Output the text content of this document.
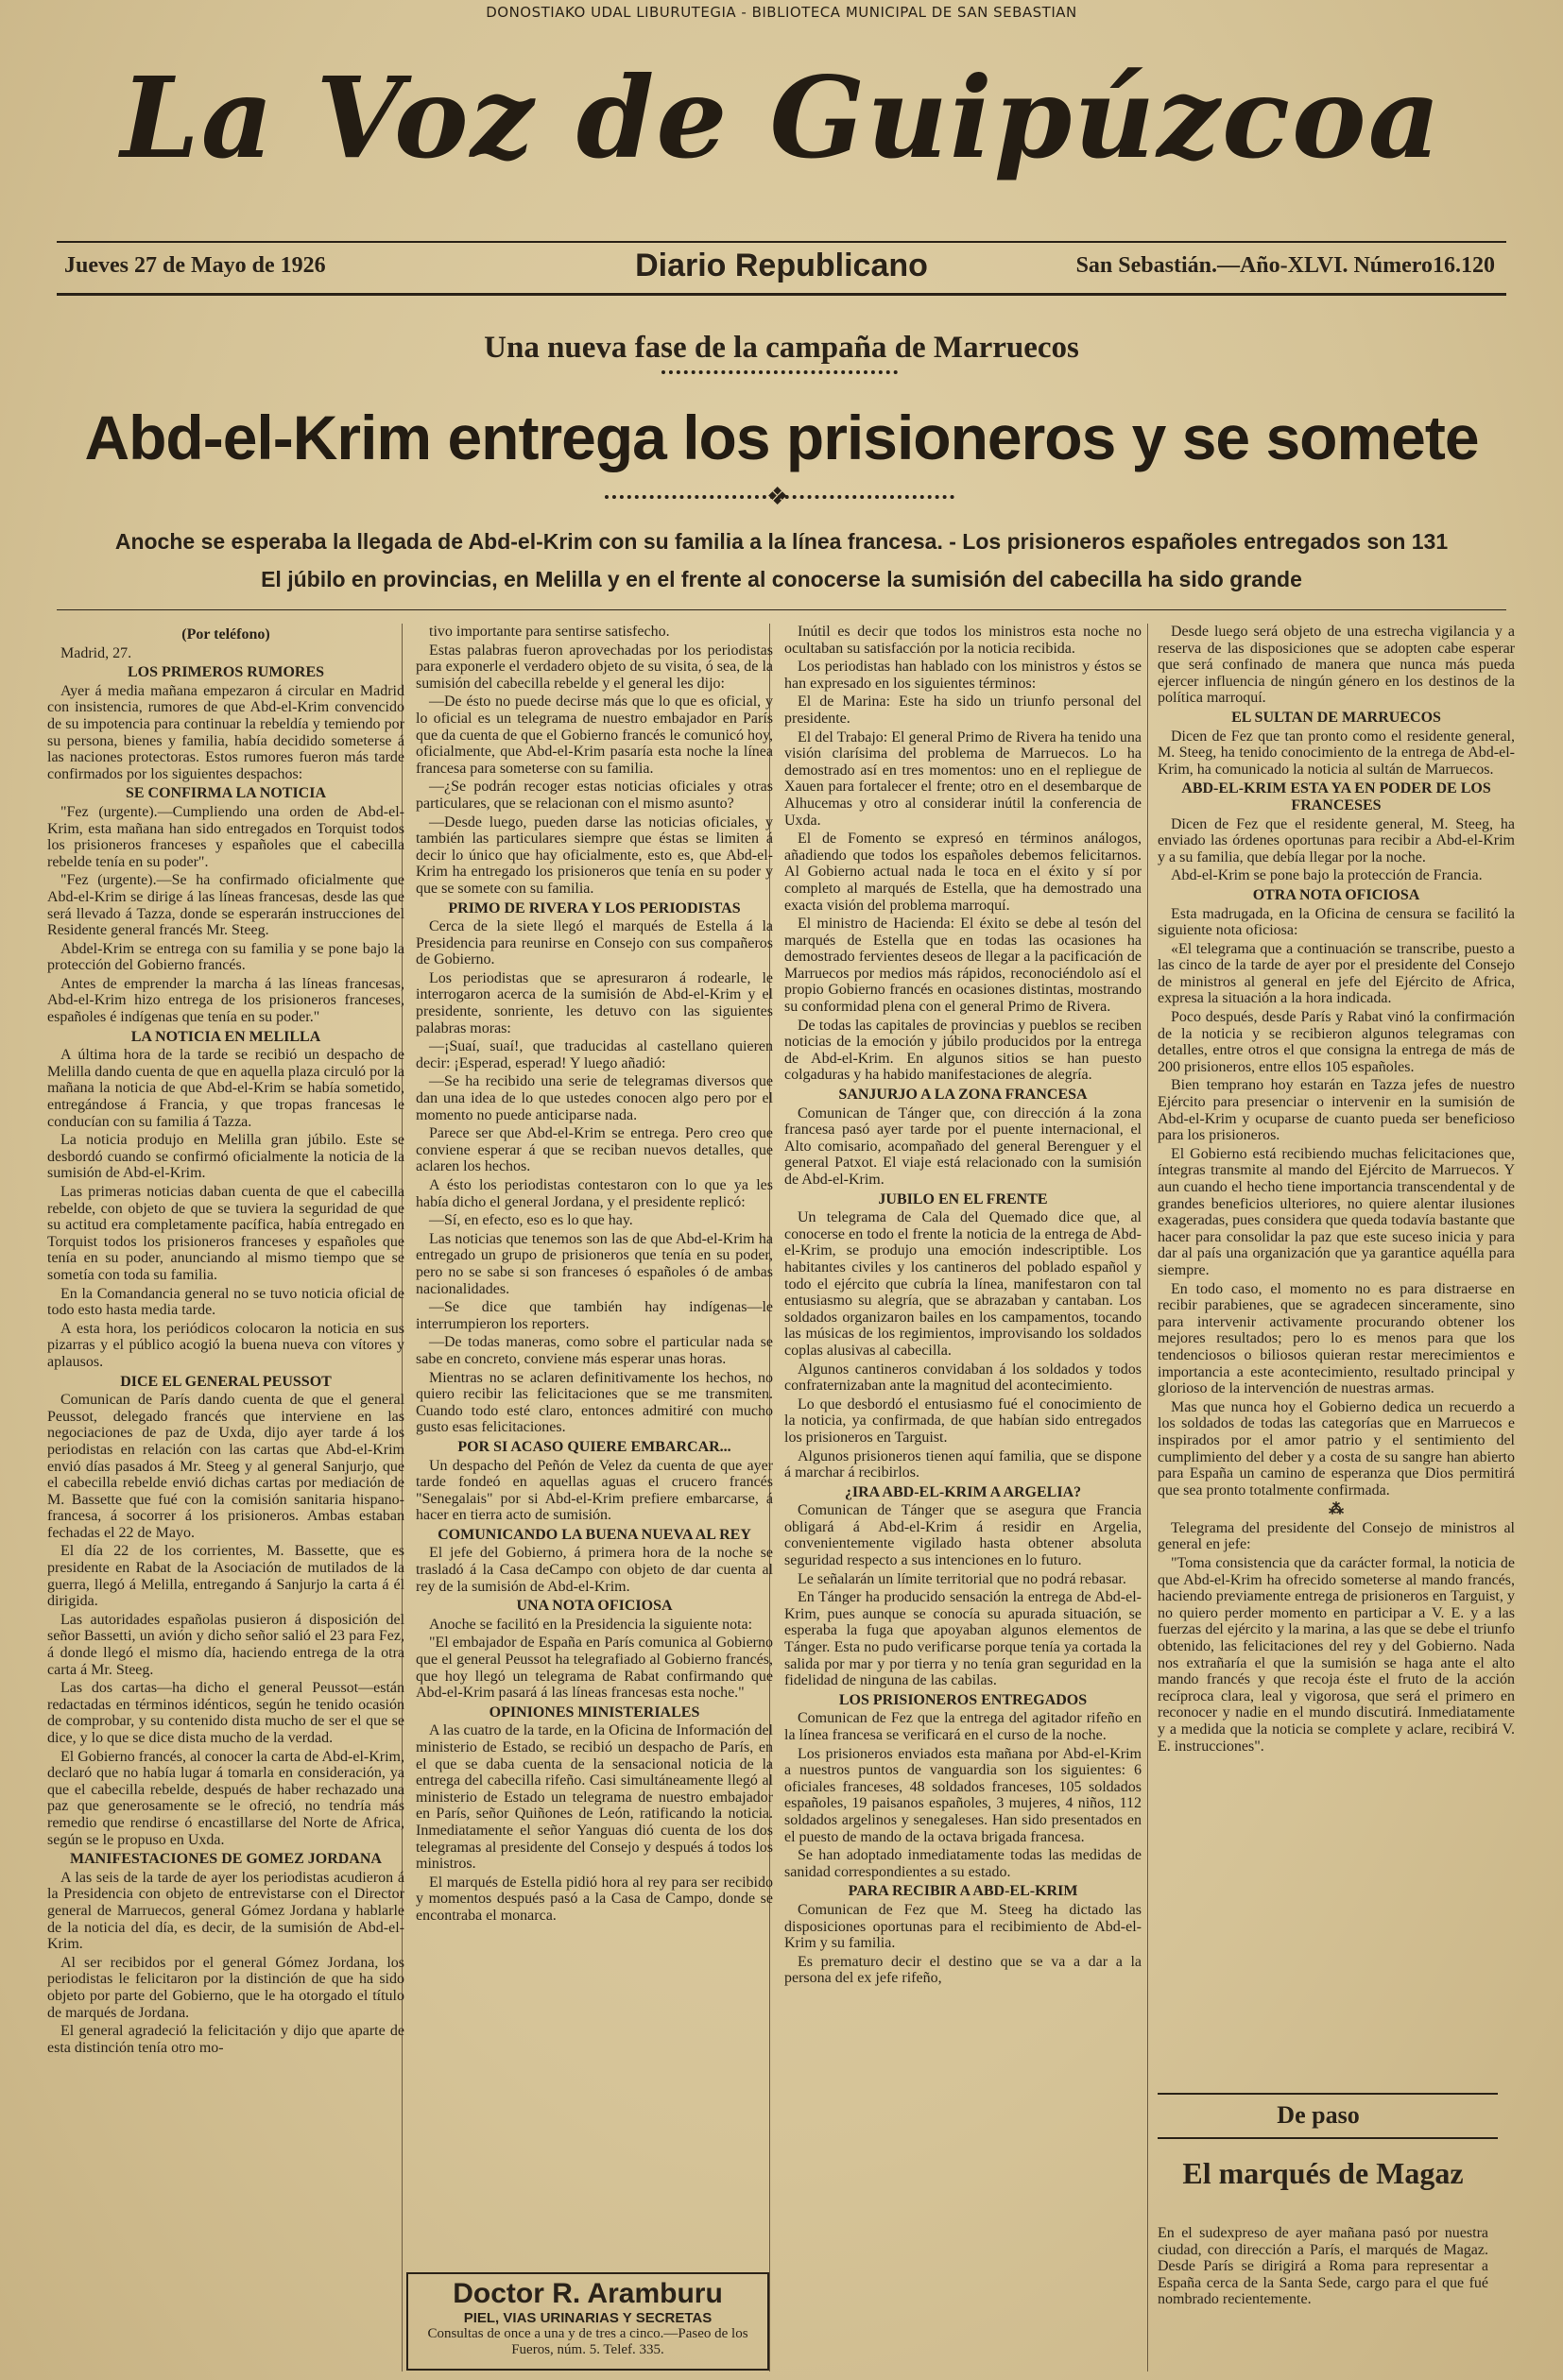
DONOSTIAKO UDAL LIBURUTEGIA - BIBLIOTECA MUNICIPAL DE SAN SEBASTIAN
La Voz de Guipúzcoa
Jueves 27 de Mayo de 1926	Diario Republicano	San Sebastián.—Año-XLVI. Número16.120
Una nueva fase de la campaña de Marruecos
Abd-el-Krim entrega los prisioneros y se somete
❖
Anoche se esperaba la llegada de Abd-el-Krim con su familia a la línea francesa. - Los prisioneros españoles entregados son 131
El júbilo en provincias, en Melilla y en el frente al conocerse la sumisión del cabecilla ha sido grande
(Por teléfono)

Madrid, 27.

LOS PRIMEROS RUMORES

Ayer á media mañana empezaron á circular en Madrid con insistencia, rumores de que Abd-el-Krim convencido de su impotencia para continuar la rebeldía y temiendo por su persona, bienes y familia, había decidido someterse á las naciones protectoras. Estos rumores fueron más tarde confirmados por los siguientes despachos:

SE CONFIRMA LA NOTICIA

"Fez (urgente).—Cumpliendo una orden de Abd-el-Krim, esta mañana han sido entregados en Torquist todos los prisioneros franceses y españoles que el cabecilla rebelde tenía en su poder".

"Fez (urgente).—Se ha confirmado oficialmente que Abd-el-Krim se dirige á las líneas francesas, desde las que será llevado á Tazza, donde se esperarán instrucciones del Residente general francés Mr. Steeg.

Abdel-Krim se entrega con su familia y se pone bajo la protección del Gobierno francés.

Antes de emprender la marcha á las líneas francesas, Abd-el-Krim hizo entrega de los prisioneros franceses, españoles é indígenas que tenía en su poder."

LA NOTICIA EN MELILLA

A última hora de la tarde se recibió un despacho de Melilla dando cuenta de que en aquella plaza circuló por la mañana la noticia de que Abd-el-Krim se había sometido, entregándose á Francia, y que tropas francesas le conducían con su familia á Tazza.

La noticia produjo en Melilla gran júbilo. Este se desbordó cuando se confirmó oficialmente la noticia de la sumisión de Abd-el-Krim.

Las primeras noticias daban cuenta de que el cabecilla rebelde, con objeto de que se tuviera la seguridad de que su actitud era completamente pacífica, había entregado en Torquist todos los prisioneros franceses y españoles que tenía en su poder, anunciando al mismo tiempo que se sometía con toda su familia.

En la Comandancia general no se tuvo noticia oficial de todo esto hasta media tarde.

A esta hora, los periódicos colocaron la noticia en sus pizarras y el público acogió la buena nueva con vítores y aplausos.

DICE EL GENERAL PEUSSOT

Comunican de París dando cuenta de que el general Peussot, delegado francés que interviene en las negociaciones de paz de Uxda, dijo ayer tarde á los periodistas en relación con las cartas que Abd-el-Krim envió días pasados á Mr. Steeg y al general Sanjurjo, que el cabecilla rebelde envió dichas cartas por mediación de M. Bassette que fué con la comisión sanitaria hispano-francesa, á socorrer á los prisioneros. Ambas estaban fechadas el 22 de Mayo.

El día 22 de los corrientes, M. Bassette, que es presidente en Rabat de la Asociación de mutilados de la guerra, llegó á Melilla, entregando á Sanjurjo la carta á él dirigida.

Las autoridades españolas pusieron á disposición del señor Bassetti, un avión y dicho señor salió el 23 para Fez, á donde llegó el mismo día, haciendo entrega de la otra carta á Mr. Steeg.

Las dos cartas—ha dicho el general Peussot—están redactadas en términos idénticos, según he tenido ocasión de comprobar, y su contenido dista mucho de ser el que se dice, y lo que se dice dista mucho de la verdad.

El Gobierno francés, al conocer la carta de Abd-el-Krim, declaró que no había lugar á tomarla en consideración, ya que el cabecilla rebelde, después de haber rechazado una paz que generosamente se le ofreció, no tendría más remedio que rendirse ó encastillarse del Norte de Africa, según se le propuso en Uxda.

MANIFESTACIONES DE GOMEZ JORDANA

A las seis de la tarde de ayer los periodistas acudieron á la Presidencia con objeto de entrevistarse con el Director general de Marruecos, general Gómez Jordana y hablarle de la noticia del día, es decir, de la sumisión de Abd-el-Krim.

Al ser recibidos por el general Gómez Jordana, los periodistas le felicitaron por la distinción de que ha sido objeto por parte del Gobierno, que le ha otorgado el título de marqués de Jordana.

El general agradeció la felicitación y dijo que aparte de esta distinción tenía otro mo-

tivo importante para sentirse satisfecho.

Estas palabras fueron aprovechadas por los periodistas para exponerle el verdadero objeto de su visita, ó sea, de la sumisión del cabecilla rebelde y el general les dijo:

—De ésto no puede decirse más que lo que es oficial, y lo oficial es un telegrama de nuestro embajador en París que da cuenta de que el Gobierno francés le comunicó hoy, oficialmente, que Abd-el-Krim pasaría esta noche la línea francesa para someterse con su familia.

—¿Se podrán recoger estas noticias oficiales y otras particulares, que se relacionan con el mismo asunto?

—Desde luego, pueden darse las noticias oficiales, y también las particulares siempre que éstas se limiten á decir lo único que hay oficialmente, esto es, que Abd-el-Krim ha entregado los prisioneros que tenía en su poder y que se somete con su familia.

PRIMO DE RIVERA Y LOS PERIODISTAS

Cerca de la siete llegó el marqués de Estella á la Presidencia para reunirse en Consejo con sus compañeros de Gobierno.

Los periodistas que se apresuraron á rodearle, le interrogaron acerca de la sumisión de Abd-el-Krim y el presidente, sonriente, les detuvo con las siguientes palabras moras:

—¡Suaí, suaí!, que traducidas al castellano quieren decir: ¡Esperad, esperad! Y luego añadió:

—Se ha recibido una serie de telegramas diversos que dan una idea de lo que ustedes conocen algo pero por el momento no puede anticiparse nada.

Parece ser que Abd-el-Krim se entrega. Pero creo que conviene esperar á que se reciban nuevos detalles, que aclaren los hechos.

A ésto los periodistas contestaron con lo que ya les había dicho el general Jordana, y el presidente replicó:

—Sí, en efecto, eso es lo que hay.

Las noticias que tenemos son las de que Abd-el-Krim ha entregado un grupo de prisioneros que tenía en su poder, pero no se sabe si son franceses ó españoles ó de ambas nacionalidades.

—Se dice que también hay indígenas—le interrumpieron los reporters.

—De todas maneras, como sobre el particular nada se sabe en concreto, conviene más esperar unas horas.

Mientras no se aclaren definitivamente los hechos, no quiero recibir las felicitaciones que se me transmiten. Cuando todo esté claro, entonces admitiré con mucho gusto esas felicitaciones.

POR SI ACASO QUIERE EMBARCAR...

Un despacho del Peñón de Velez da cuenta de que ayer tarde fondeó en aquellas aguas el crucero francés "Senegalais" por si Abd-el-Krim prefiere embarcarse, á hacer en tierra acto de sumisión.

COMUNICANDO LA BUENA NUEVA AL REY

El jefe del Gobierno, á primera hora de la noche se trasladó á la Casa deCampo con objeto de dar cuenta al rey de la sumisión de Abd-el-Krim.

UNA NOTA OFICIOSA

Anoche se facilitó en la Presidencia la siguiente nota:

"El embajador de España en París comunica al Gobierno que el general Peussot ha telegrafiado al Gobierno francés, que hoy llegó un telegrama de Rabat confirmando que Abd-el-Krim pasará á las líneas francesas esta noche."

OPINIONES MINISTERIALES

A las cuatro de la tarde, en la Oficina de Información del ministerio de Estado, se recibió un despacho de París, en el que se daba cuenta de la sensacional noticia de la entrega del cabecilla rifeño. Casi simultáneamente llegó al ministerio de Estado un telegrama de nuestro embajador en París, señor Quiñones de León, ratificando la noticia. Inmediatamente el señor Yanguas dió cuenta de los dos telegramas al presidente del Consejo y después á todos los ministros.

El marqués de Estella pidió hora al rey para ser recibido y momentos después pasó a la Casa de Campo, donde se encontraba el monarca.

Inútil es decir que todos los ministros esta noche no ocultaban su satisfacción por la noticia recibida.

Los periodistas han hablado con los ministros y éstos se han expresado en los siguientes términos:

El de Marina: Este ha sido un triunfo personal del presidente.

El del Trabajo: El general Primo de Rivera ha tenido una visión clarísima del problema de Marruecos. Lo ha demostrado así en tres momentos: uno en el repliegue de Xauen para fortalecer el frente; otro en el desembarque de Alhucemas y otro al considerar inútil la conferencia de Uxda.

El de Fomento se expresó en términos análogos, añadiendo que todos los españoles debemos felicitarnos. Al Gobierno actual nada le toca en el éxito y sí por completo al marqués de Estella, que ha demostrado una exacta visión del problema marroquí.

El ministro de Hacienda: El éxito se debe al tesón del marqués de Estella que en todas las ocasiones ha demostrado fervientes deseos de llegar a la pacificación de Marruecos por medios más rápidos, reconociéndolo así el propio Gobierno francés en ocasiones distintas, mostrando su conformidad plena con el general Primo de Rivera.

De todas las capitales de provincias y pueblos se reciben noticias de la emoción y júbilo producidos por la entrega de Abd-el-Krim. En algunos sitios se han puesto colgaduras y ha habido manifestaciones de alegría.

SANJURJO A LA ZONA FRANCESA

Comunican de Tánger que, con dirección á la zona francesa pasó ayer tarde por el puente internacional, el Alto comisario, acompañado del general Berenguer y el general Patxot. El viaje está relacionado con la sumisión de Abd-el-Krim.

JUBILO EN EL FRENTE

Un telegrama de Cala del Quemado dice que, al conocerse en todo el frente la noticia de la entrega de Abd-el-Krim, se produjo una emoción indescriptible. Los habitantes civiles y los cantineros del poblado español y todo el ejército que cubría la línea, manifestaron con tal entusiasmo su alegría, que se abrazaban y cantaban. Los soldados organizaron bailes en los campamentos, tocando las músicas de los regimientos, improvisando los soldados coplas alusivas al cabecilla.

Algunos cantineros convidaban á los soldados y todos confraternizaban ante la magnitud del acontecimiento.

Lo que desbordó el entusiasmo fué el conocimiento de la noticia, ya confirmada, de que habían sido entregados los prisioneros en Targuist.

Algunos prisioneros tienen aquí familia, que se dispone á marchar á recibirlos.

¿IRA ABD-EL-KRIM A ARGELIA?

Comunican de Tánger que se asegura que Francia obligará á Abd-el-Krim á residir en Argelia, convenientemente vigilado hasta obtener absoluta seguridad respecto a sus intenciones en lo futuro.

Le señalarán un límite territorial que no podrá rebasar.

En Tánger ha producido sensación la entrega de Abd-el-Krim, pues aunque se conocía su apurada situación, se esperaba la fuga que apoyaban algunos elementos de Tánger. Esta no pudo verificarse porque tenía ya cortada la salida por mar y por tierra y no tenía gran seguridad en la fidelidad de ninguna de las cabilas.

LOS PRISIONEROS ENTREGADOS

Comunican de Fez que la entrega del agitador rifeño en la línea francesa se verificará en el curso de la noche.

Los prisioneros enviados esta mañana por Abd-el-Krim a nuestros puntos de vanguardia son los siguientes: 6 oficiales franceses, 48 soldados franceses, 105 soldados españoles, 19 paisanos españoles, 3 mujeres, 4 niños, 112 soldados argelinos y senegaleses. Han sido presentados en el puesto de mando de la octava brigada francesa.

Se han adoptado inmediatamente todas las medidas de sanidad correspondientes a su estado.

PARA RECIBIR A ABD-EL-KRIM

Comunican de Fez que M. Steeg ha dictado las disposiciones oportunas para el recibimiento de Abd-el-Krim y su familia.

Es prematuro decir el destino que se va a dar a la persona del ex jefe rifeño,

Desde luego será objeto de una estrecha vigilancia y a reserva de las disposiciones que se adopten cabe esperar que será confinado de manera que nunca más pueda ejercer influencia de ningún género en los destinos de la política marroquí.

EL SULTAN DE MARRUECOS

Dicen de Fez que tan pronto como el residente general, M. Steeg, ha tenido conocimiento de la entrega de Abd-el-Krim, ha comunicado la noticia al sultán de Marruecos.

ABD-EL-KRIM ESTA YA EN PODER DE LOS FRANCESES

Dicen de Fez que el residente general, M. Steeg, ha enviado las órdenes oportunas para recibir a Abd-el-Krim y a su familia, que debía llegar por la noche.

Abd-el-Krim se pone bajo la protección de Francia.

OTRA NOTA OFICIOSA

Esta madrugada, en la Oficina de censura se facilitó la siguiente nota oficiosa:

«El telegrama que a continuación se transcribe, puesto a las cinco de la tarde de ayer por el presidente del Consejo de ministros al general en jefe del Ejército de Africa, expresa la situación a la hora indicada.

Poco después, desde París y Rabat vinó la confirmación de la noticia y se recibieron algunos telegramas con detalles, entre otros el que consigna la entrega de más de 200 prisioneros, entre ellos 105 españoles.

Bien temprano hoy estarán en Tazza jefes de nuestro Ejército para presenciar o intervenir en la sumisión de Abd-el-Krim y ocuparse de cuanto pueda ser beneficioso para los prisioneros.

El Gobierno está recibiendo muchas felicitaciones que, íntegras transmite al mando del Ejército de Marruecos. Y aun cuando el hecho tiene importancia transcendental y de grandes beneficios ulteriores, no quiere alentar ilusiones exageradas, pues considera que queda todavía bastante que hacer para consolidar la paz que este suceso inicia y para dar al país una organización que ya garantice aquélla para siempre.

En todo caso, el momento no es para distraerse en recibir parabienes, que se agradecen sinceramente, sino para intervenir activamente procurando obtener los mejores resultados; pero lo es menos para que los tendenciosos o biliosos quieran restar merecimientos e importancia a este acontecimiento, resultado principal y glorioso de la intervención de nuestras armas.

Mas que nunca hoy el Gobierno dedica un recuerdo a los soldados de todas las categorías que en Marruecos e inspirados por el amor patrio y el sentimiento del cumplimiento del deber y a costa de su sangre han abierto para España un camino de esperanza que Dios permitirá que sea pronto totalmente confirmada.

⁂

Telegrama del presidente del Consejo de ministros al general en jefe:

"Toma consistencia que da carácter formal, la noticia de que Abd-el-Krim ha ofrecido someterse al mando francés, haciendo previamente entrega de prisioneros en Targuist, y no quiero perder momento en participar a V. E. y a las fuerzas del ejército y la marina, a las que se debe el triunfo obtenido, las felicitaciones del rey y del Gobierno. Nada nos extrañaría el que la sumisión se haga ante el alto mando francés y que recoja éste el fruto de la acción recíproca clara, leal y vigorosa, que será el primero en reconocer y nadie en el mundo discutirá. Inmediatamente y a medida que la noticia se complete y aclare, recibirá V. E. instrucciones".

Doctor R. Aramburu
PIEL, VIAS URINARIAS Y SECRETAS
Consultas de once a una y de tres a cinco.—Paseo de los Fueros, núm. 5. Telef. 335.
De paso
El marqués de Magaz
En el sudexpreso de ayer mañana pasó por nuestra ciudad, con dirección a París, el marqués de Magaz. Desde París se dirigirá a Roma para representar a España cerca de la Santa Sede, cargo para el que fué nombrado recientemente.
